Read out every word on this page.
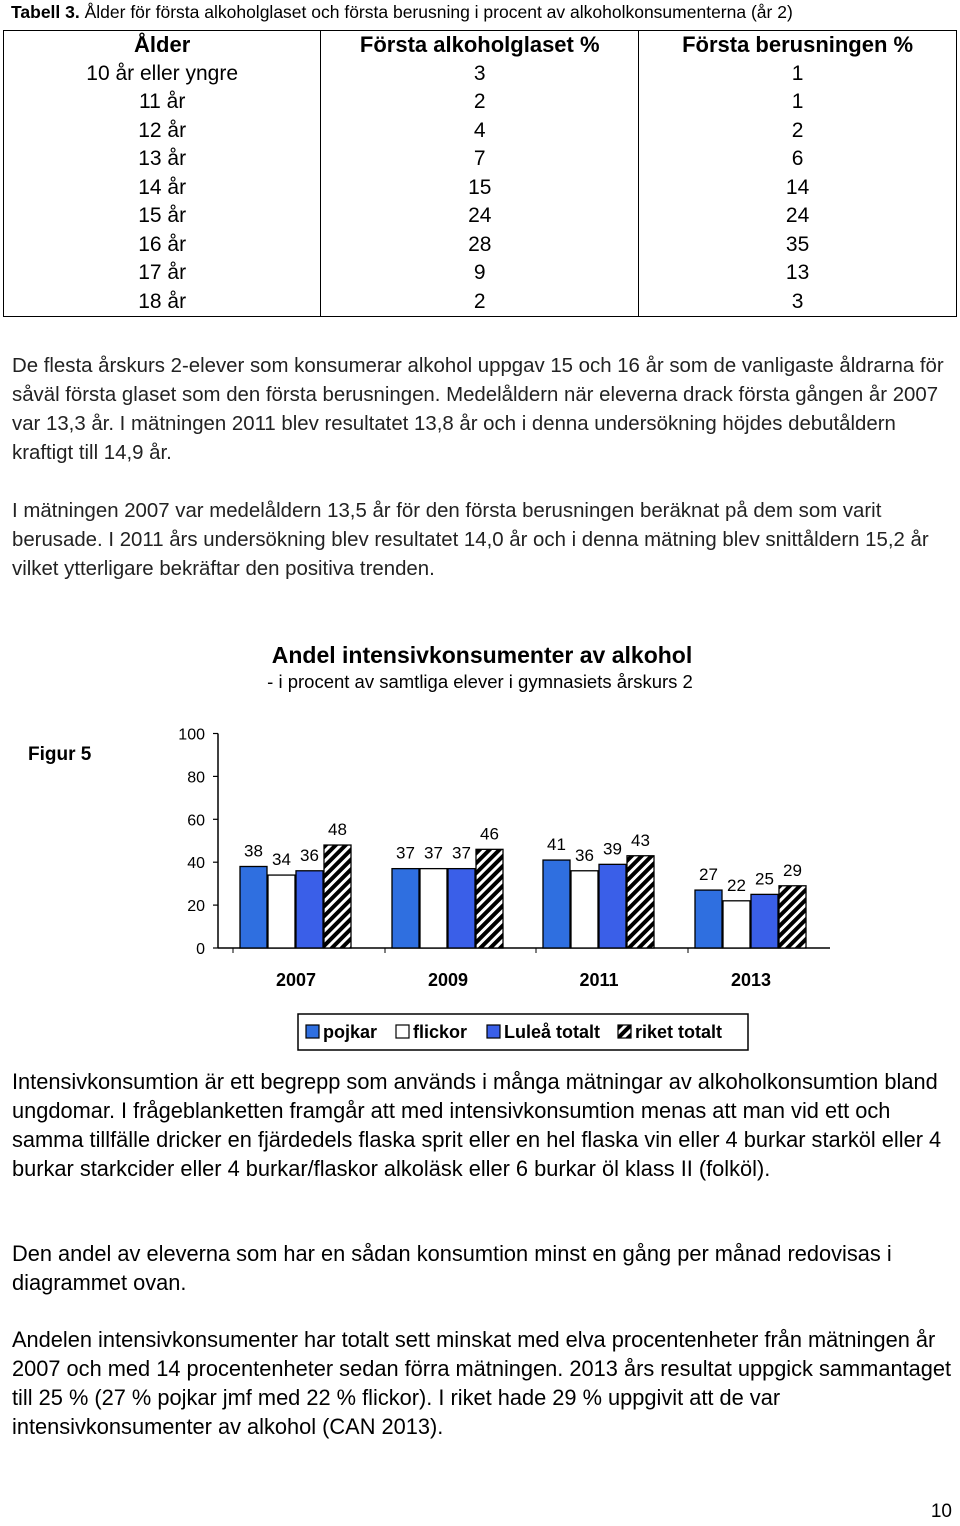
Tabell 3. Ålder för första alkoholglaset och första berusning i procent av alkoholkonsumenterna (år 2)
Ålder	Första alkoholglaset %	Första berusningen %
10 år eller yngre	3	1
11 år	2	1
12 år	4	2
13 år	7	6
14 år	15	14
15 år	24	24
16 år	28	35
17 år	9	13
18 år	2	3
De flesta årskurs 2-elever som konsumerar alkohol uppgav 15 och 16 år som de vanligaste åldrarna för såväl första glaset som den första berusningen. Medelåldern när eleverna drack första gången år 2007 var 13,3 år. I mätningen 2011 blev resultatet 13,8 år och i denna undersökning höjdes debutåldern kraftigt till 14,9 år.
I mätningen 2007 var medelåldern 13,5 år för den första berusningen beräknat på dem som varit berusade. I 2011 års undersökning blev resultatet 14,0 år och i denna mätning blev snittåldern 15,2 år vilket ytterligare bekräftar den positiva trenden.
Andel intensivkonsumenter av alkohol
- i procent av samtliga elever i gymnasiets årskurs 2
Figur 5
0
20
40
60
80
100
38 34 36
48
2007
37 37 37
46
2009
41
36 39 43
2011
27
22 25 29
2013
pojkar flickor Luleå totalt riket totalt
Intensivkonsumtion är ett begrepp som används i många mätningar av alkoholkonsumtion bland ungdomar. I frågeblanketten framgår att med intensivkonsumtion menas att man vid ett och samma tillfälle dricker en fjärdedels flaska sprit eller en hel flaska vin eller 4 burkar starköl eller 4 burkar starkcider eller 4 burkar/flaskor alkoläsk eller 6 burkar öl klass II (folköl).
Den andel av eleverna som har en sådan konsumtion minst en gång per månad redovisas i diagrammet ovan.
Andelen intensivkonsumenter har totalt sett minskat med elva procentenheter från mätningen år 2007 och med 14 procentenheter sedan förra mätningen. 2013 års resultat uppgick sammantaget till 25 % (27 % pojkar jmf med 22 % flickor). I riket hade 29 % uppgivit att de var intensivkonsumenter av alkohol (CAN 2013).
10
